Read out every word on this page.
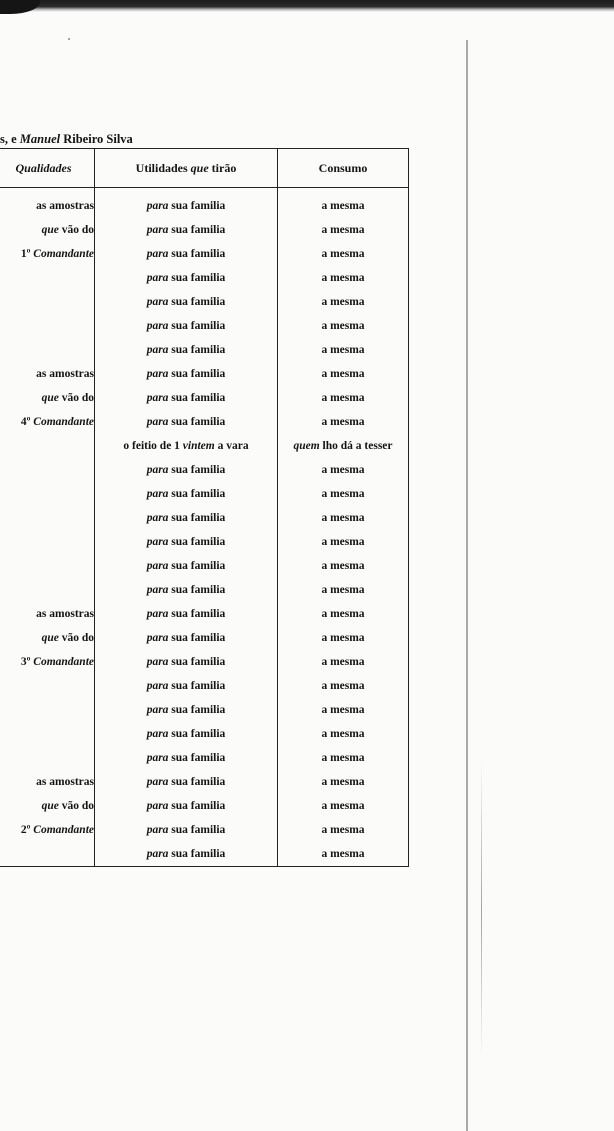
s, e Manuel Ribeiro Silva
Qualidades	Utilidades que tirão	Consumo
as amostras	para sua familia	a mesma
que vão do	para sua familia	a mesma
1º Comandante	para sua familia	a mesma
	para sua familia	a mesma
	para sua familia	a mesma
	para sua familia	a mesma
	para sua familia	a mesma
as amostras	para sua familia	a mesma
que vão do	para sua familia	a mesma
4º Comandante	para sua familia	a mesma
	o feitio de 1 vintem a vara	quem lho dá a tesser
	para sua familia	a mesma
	para sua familia	a mesma
	para sua familia	a mesma
	para sua familia	a mesma
	para sua familia	a mesma
	para sua familia	a mesma
as amostras	para sua familia	a mesma
que vão do	para sua familia	a mesma
3º Comandante	para sua familia	a mesma
	para sua familia	a mesma
	para sua familia	a mesma
	para sua familia	a mesma
	para sua familia	a mesma
as amostras	para sua familia	a mesma
que vão do	para sua familia	a mesma
2º Comandante	para sua familia	a mesma
	para sua familia	a mesma
